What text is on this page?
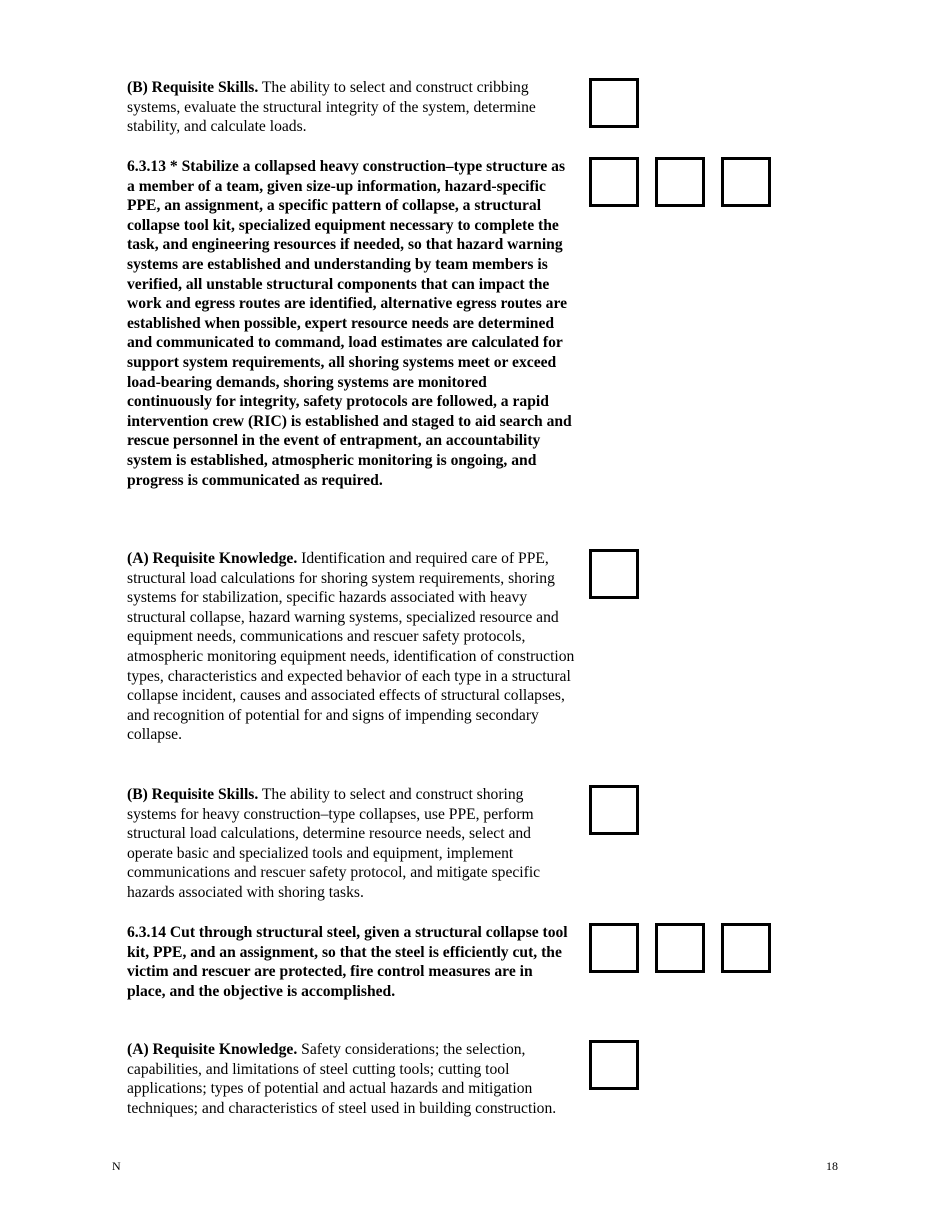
(B) Requisite Skills. The ability to select and construct cribbing systems, evaluate the structural integrity of the system, determine stability, and calculate loads.

6.3.13 * Stabilize a collapsed heavy construction–type structure as a member of a team, given size-up information, hazard-specific PPE, an assignment, a specific pattern of collapse, a structural collapse tool kit, specialized equipment necessary to complete the task, and engineering resources if needed, so that hazard warning systems are established and understanding by team members is verified, all unstable structural components that can impact the work and egress routes are identified, alternative egress routes are established when possible, expert resource needs are determined and communicated to command, load estimates are calculated for support system requirements, all shoring systems meet or exceed load-bearing demands, shoring systems are monitored continuously for integrity, safety protocols are followed, a rapid intervention crew (RIC) is established and staged to aid search and rescue personnel in the event of entrapment, an accountability system is established, atmospheric monitoring is ongoing, and progress is communicated as required.

(A) Requisite Knowledge. Identification and required care of PPE, structural load calculations for shoring system requirements, shoring systems for stabilization, specific hazards associated with heavy structural collapse, hazard warning systems, specialized resource and equipment needs, communications and rescuer safety protocols, atmospheric monitoring equipment needs, identification of construction types, characteristics and expected behavior of each type in a structural collapse incident, causes and associated effects of structural collapses, and recognition of potential for and signs of impending secondary collapse.

(B) Requisite Skills. The ability to select and construct shoring systems for heavy construction–type collapses, use PPE, perform structural load calculations, determine resource needs, select and operate basic and specialized tools and equipment, implement communications and rescuer safety protocol, and mitigate specific hazards associated with shoring tasks.

6.3.14 Cut through structural steel, given a structural collapse tool kit, PPE, and an assignment, so that the steel is efficiently cut, the victim and rescuer are protected, fire control measures are in place, and the objective is accomplished.

(A) Requisite Knowledge. Safety considerations; the selection, capabilities, and limitations of steel cutting tools; cutting tool applications; types of potential and actual hazards and mitigation techniques; and characteristics of steel used in building construction.

N	18
